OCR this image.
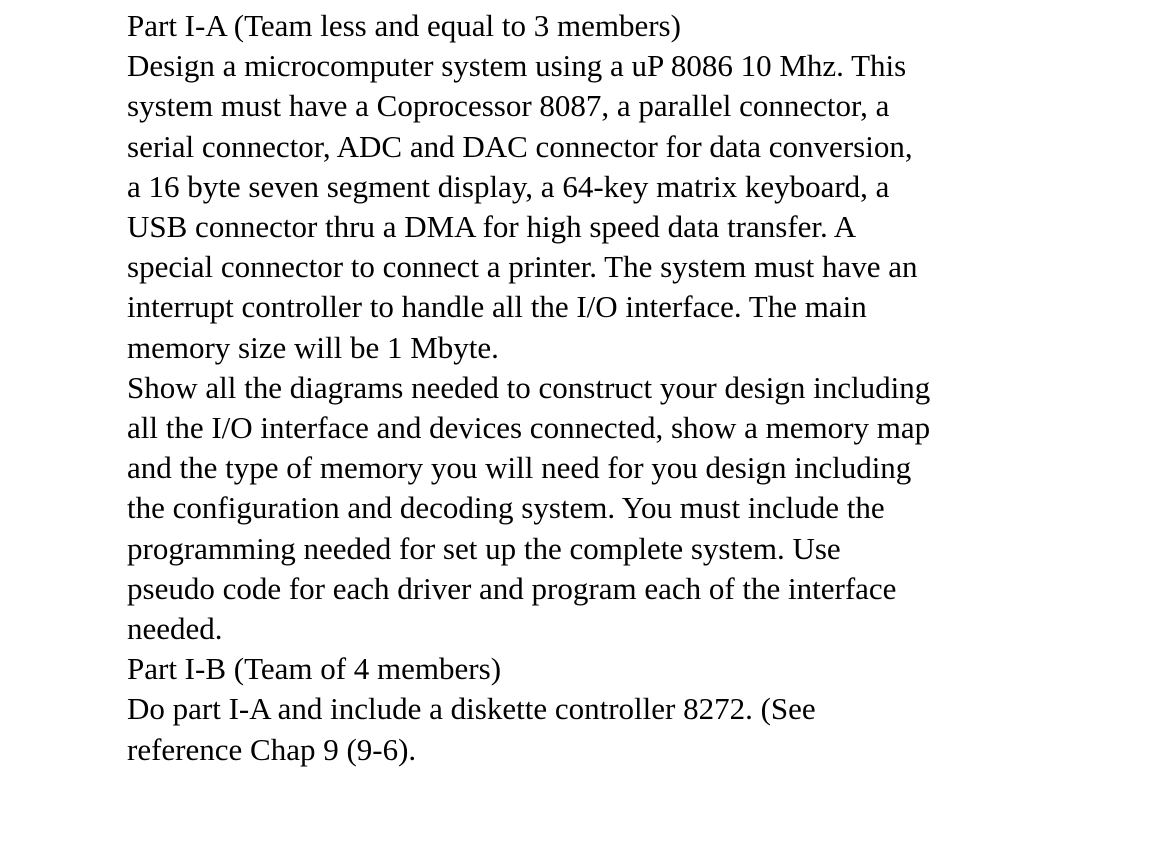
Part I-A (Team less and equal to 3 members)

Design a microcomputer system using a uP 8086 10 Mhz. This
system must have a Coprocessor 8087, a parallel connector, a
serial connector, ADC and DAC connector for data conversion,
a 16 byte seven segment display, a 64-key matrix keyboard, a
USB connector thru a DMA for high speed data transfer. A
special connector to connect a printer. The system must have an
interrupt controller to handle all the I/O interface. The main
memory size will be 1 Mbyte.

Show all the diagrams needed to construct your design including
all the I/O interface and devices connected, show a memory map
and the type of memory you will need for you design including
the configuration and decoding system. You must include the
programming needed for set up the complete system. Use
pseudo code for each driver and program each of the interface
needed.

Part I-B (Team of 4 members)

Do part I-A and include a diskette controller 8272. (See
reference Chap 9 (9-6).
